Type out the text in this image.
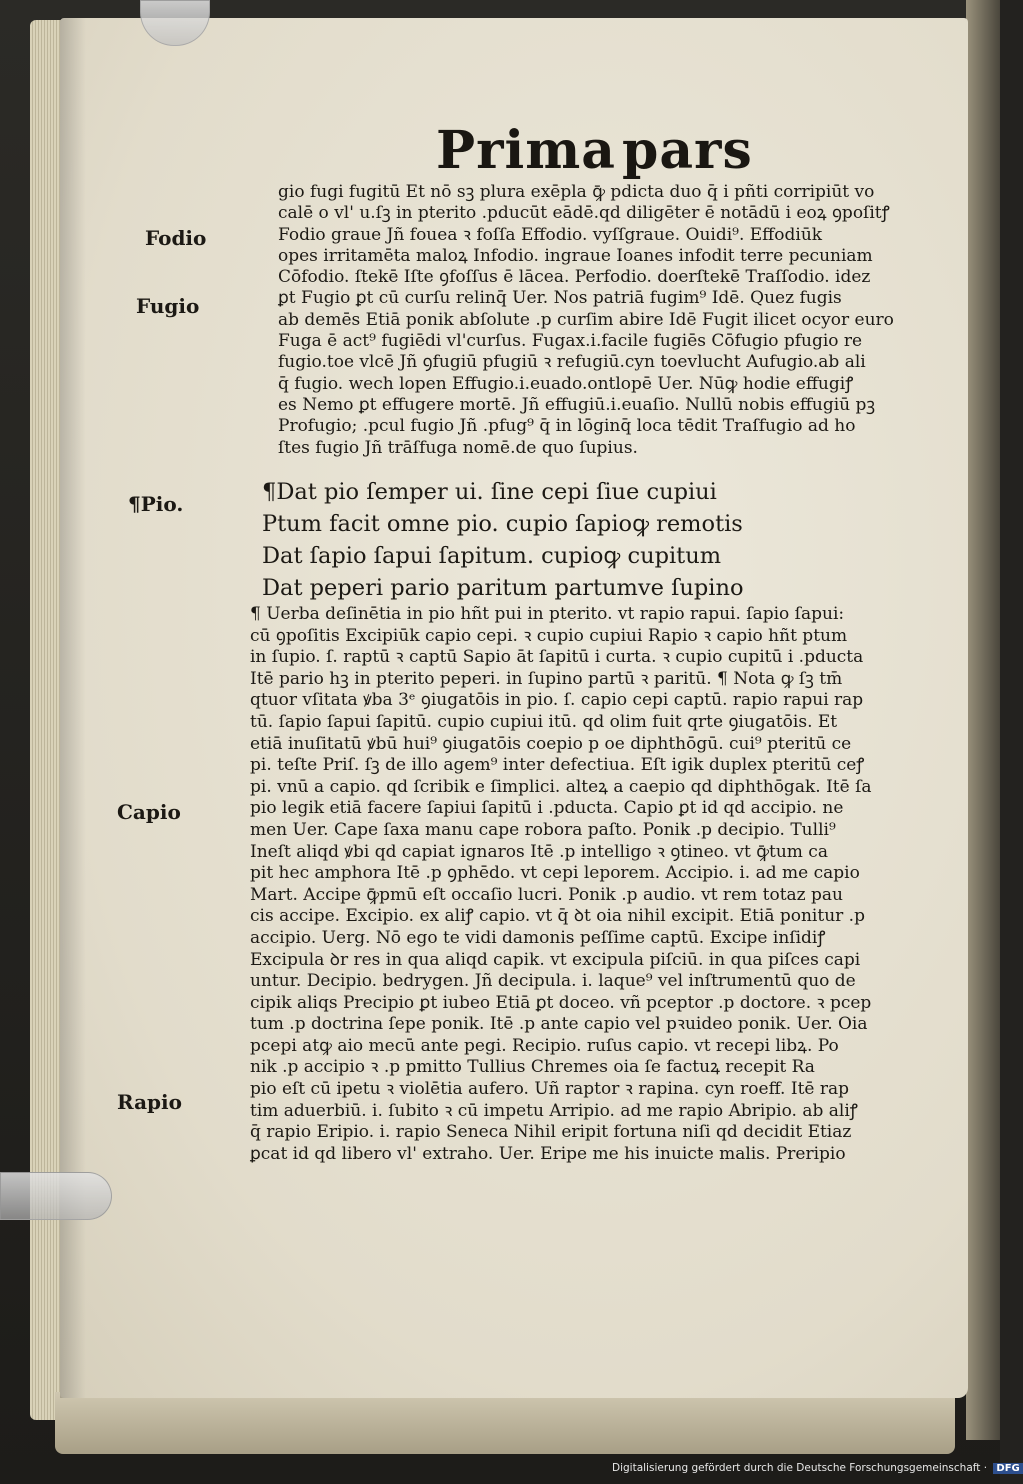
Prima pars
Fodio
Fugio
¶Pio.
Capio
Rapio
gio fugi fugitū Et nō sꝫ plura exēpla ꝙ̄ pdicta duo q̄ i pñti corripiūt vo
calē o vl' u.ſꝫ in pterito .pducūt eādē.qd diligēter ē notādū i eoꝝ ꝯpoſitꝭ
Fodio graue Jñ fouea ꝛ foſſa Effodio. vyſſgraue. Ouidi⁹. Effodiūk
opes irritamēta maloꝝ Infodio. ingraue Ioanes infodit terre pecuniam
Cōfodio. ſtekē Iſte ꝯfoſſus ē lācea. Perfodio. doerſtekē Traſſodio. idez
ꝑt Fugio ꝑt cū curſu relinq̄ Uer. Nos patriā fugim⁹ Idē. Quez fugis
ab demēs Etiā ponik abſolute .p curſim abire Idē Fugit ilicet ocyor euro
Fuga ē act⁹ fugiēdi vl'curſus. Fugax.i.facile fugiēs Cōfugio pfugio re
fugio.toe vlcē Jñ ꝯfugiū pfugiū ꝛ refugiū.cyn toevlucht Aufugio.ab ali
q̄ fugio. wech lopen Effugio.i.euado.ontlopē Uer. Nūꝙ hodie effugiꝭ
es Nemo ꝑt effugere mortē. Jñ effugiū.i.euaſio. Nullū nobis effugiū pꝫ
Profugio; .pcul fugio Jñ .pfug⁹ q̄ in lōginq̄ loca tēdit Traſfugio ad ho
ſtes fugio Jñ trāſfuga nomē.de quo ſupius.
¶Dat pio ſemper ui. ſine cepi ſiue cupiui
Ptum facit omne pio. cupio ſapioꝙ remotis
Dat ſapio ſapui ſapitum. cupioꝙ cupitum
Dat peperi pario paritum partumve ſupino
¶ Uerba deſinētia in pio hñt pui in pterito. vt rapio rapui. ſapio ſapui:
cū ꝯpoſitis Excipiūk capio cepi. ꝛ cupio cupiui Rapio ꝛ capio hñt ptum
in ſupio. ſ. raptū ꝛ captū Sapio āt ſapitū i curta. ꝛ cupio cupitū i .pducta
Itē pario hꝫ in pterito peperi. in ſupino partū ꝛ paritū. ¶ Nota ꝙ ſꝫ tm̄
qtuor vſitata ꝟba 3ᵉ ꝯiugatōis in pio. ſ. capio cepi captū. rapio rapui rap
tū. ſapio ſapui ſapitū. cupio cupiui itū. qd olim fuit qrte ꝯiugatōis. Et
etiā inuſitatū ꝟbū hui⁹ ꝯiugatōis coepio p oe diphthōgū. cui⁹ pteritū ce
pi. teſte Priſ. ſꝫ de illo agem⁹ inter defectiua. Eſt igik duplex pteritū ceꝭ
pi. vnū a capio. qd ſcribik e ſimplici. alteꝝ a caepio qd diphthōgak. Itē ſa
pio legik etiā facere ſapiui ſapitū i .pducta. Capio ꝑt id qd accipio. ne
men Uer. Cape ſaxa manu cape robora paſto. Ponik .p decipio. Tulli⁹
Ineſt aliqd ꝟbi qd capiat ignaros Itē .p intelligo ꝛ ꝯtineo. vt ꝙ̄tum ca
pit hec amphora Itē .p ꝯphēdo. vt cepi leporem. Accipio. i. ad me capio
Mart. Accipe ꝙ̄pmū eſt occaſio lucri. Ponik .p audio. vt rem totaz pau
cis accipe. Excipio. ex aliꝭ capio. vt q̄ ꝺt oia nihil excipit. Etiā ponitur .p
accipio. Uerg. Nō ego te vidi damonis peſſime captū. Excipe inſidiꝭ
Excipula ꝺr res in qua aliqd capik. vt excipula piſciū. in qua piſces capi
untur. Decipio. bedrygen. Jñ decipula. i. laque⁹ vel inſtrumentū quo de
cipik aliqs Precipio ꝑt iubeo Etiā ꝑt doceo. vñ pceptor .p doctore. ꝛ pcep
tum .p doctrina ſepe ponik. Itē .p ante capio vel pꝛuideo ponik. Uer. Oia
pcepi atꝙ aio mecū ante pegi. Recipio. ruſus capio. vt recepi libꝝ. Po
nik .p accipio ꝛ .p pmitto Tullius Chremes oia ſe factuꝝ recepit Ra
pio eſt cū ipetu ꝛ violētia aufero. Uñ raptor ꝛ rapina. cyn roeff. Itē rap
tim aduerbiū. i. ſubito ꝛ cū impetu Arripio. ad me rapio Abripio. ab aliꝭ
q̄ rapio Eripio. i. rapio Seneca Nihil eripit fortuna niſi qd decidit Etiaz
ꝑcat id qd libero vl' extraho. Uer. Eripe me his inuicte malis. Preripio
Digitalisierung gefördert durch die Deutsche Forschungsgemeinschaft · DFG
